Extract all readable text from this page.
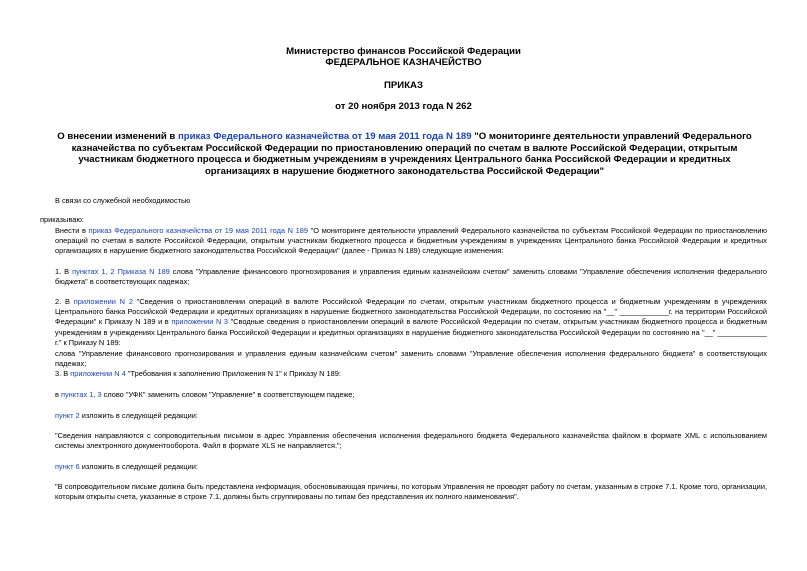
Министерство финансов Российской Федерации
ФЕДЕРАЛЬНОЕ КАЗНАЧЕЙСТВО
ПРИКАЗ
от 20 ноября 2013 года N 262
О внесении изменений в приказ Федерального казначейства от 19 мая 2011 года N 189 "О мониторинге деятельности управлений Федерального казначейства по субъектам Российской Федерации по приостановлению операций по счетам в валюте Российской Федерации, открытым участникам бюджетного процесса и бюджетным учреждениям в учреждениях Центрального банка Российской Федерации и кредитных организациях в нарушение бюджетного законодательства Российской Федерации"

В связи со служебной необходимостью

приказываю:

Внести в приказ Федерального казначейства от 19 мая 2011 года N 189 "О мониторинге деятельности управлений Федерального казначейства по субъектам Российской Федерации по приостановлению операций по счетам в валюте Российской Федерации, открытым участникам бюджетного процесса и бюджетным учреждениям в учреждениях Центрального банка Российской Федерации и кредитных организациях в нарушение бюджетного законодательства Российской Федерации" (далее - Приказ N 189) следующие изменения:

1. В пунктах 1, 2 Приказа N 189 слова "Управление финансового прогнозирования и управления единым казначейским счетом" заменить словами "Управление обеспечения исполнения федерального бюджета" в соответствующих падежах;

2. В приложении N 2 "Сведения о приостановлении операций в валюте Российской Федерации по счетам, открытым участникам бюджетного процесса и бюджетным учреждениям в учреждениях Центрального банка Российской Федерации и кредитных организациях в нарушение бюджетного законодательства Российской Федерации, по состоянию на "__" ____________г. на территории Российской Федерации" к Приказу N 189 и в приложении N 3 "Сводные сведения о приостановлении операций в валюте Российской Федерации по счетам, открытым участникам бюджетного процесса и бюджетным учреждениям в учреждениях Центрального банка Российской Федерации и кредитных организациях в нарушение бюджетного законодательства Российской Федерации по состоянию на "__" ____________ г." к Приказу N 189:

слова "Управление финансового прогнозирования и управления единым казначейским счетом" заменить словами "Управление обеспечения исполнения федерального бюджета" в соответствующих падежах;

3. В приложении N 4 "Требования к заполнению Приложения N 1" к Приказу N 189:

в пунктах 1, 3 слово "УФК" заменить словом "Управление" в соответствующем падеже;

пункт 2 изложить в следующей редакции:

"Сведения направляются с сопроводительным письмом в адрес Управления обеспечения исполнения федерального бюджета Федерального казначейства файлом в формате XML с использованием системы электронного документооборота. Файл в формате XLS не направляется.";

пункт 6 изложить в следующей редакции:

"В сопроводительном письме должна быть представлена информация, обосновывающая причины, по которым Управления не проводят работу по счетам, указанным в строке 7.1. Кроме того, организации, которым открыты счета, указанные в строке 7.1, должны быть сгруппированы по типам без представления их полного наименования".
